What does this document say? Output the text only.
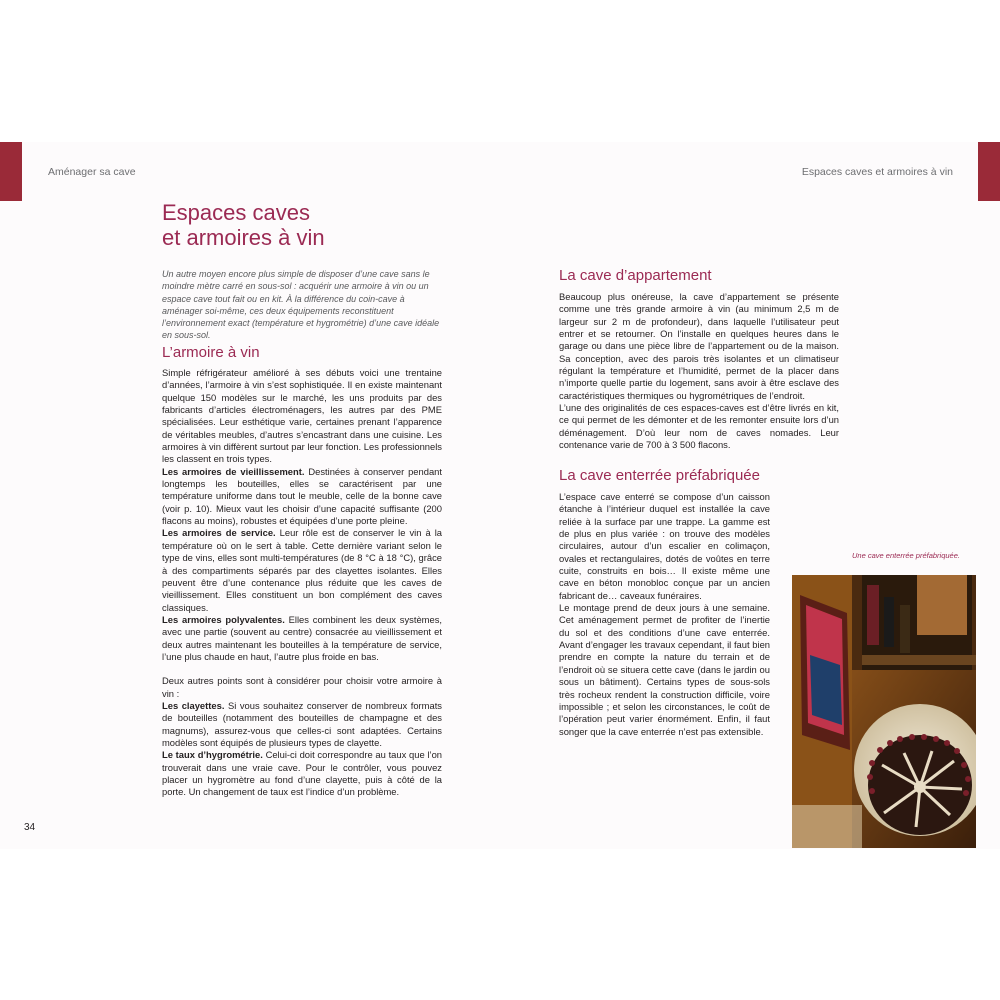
Aménager sa cave	Espaces caves et armoires à vin
Espaces caves
et armoires à vin

Un autre moyen encore plus simple de disposer d’une cave sans le moindre mètre carré en sous-sol : acquérir une armoire à vin ou un espace cave tout fait ou en kit. À la différence du coin-cave à aménager soi-même, ces deux équipements reconstituent l’environnement exact (température et hygrométrie) d’une cave idéale en sous-sol.

L’armoire à vin

Simple réfrigérateur amélioré à ses débuts voici une trentaine d’années, l’armoire à vin s’est sophistiquée. Il en existe maintenant quelque 150 modèles sur le marché, les uns produits par des fabricants d’articles électroménagers, les autres par des PME spécialisées. Leur esthétique varie, certaines prenant l’apparence de véritables meubles, d’autres s’encastrant dans une cuisine. Les armoires à vin diffèrent surtout par leur fonction. Les professionnels les classent en trois types.

Les armoires de vieillissement. Destinées à conserver pendant longtemps les bouteilles, elles se caractérisent par une température uniforme dans tout le meuble, celle de la bonne cave (voir p. 10). Mieux vaut les choisir d’une capacité suffisante (200 flacons au moins), robustes et équipées d’une porte pleine.

Les armoires de service. Leur rôle est de conserver le vin à la température où on le sert à table. Cette dernière variant selon le type de vins, elles sont multi-températures (de 8 °C à 18 °C), grâce à des compartiments séparés par des clayettes isolantes. Elles peuvent être d’une contenance plus réduite que les caves de vieillissement. Elles constituent un bon complément des caves classiques.

Les armoires polyvalentes. Elles combinent les deux systèmes, avec une partie (souvent au centre) consacrée au vieillissement et deux autres maintenant les bouteilles à la température de service, l’une plus chaude en haut, l’autre plus froide en bas.

Deux autres points sont à considérer pour choisir votre armoire à vin :

Les clayettes. Si vous souhaitez conserver de nombreux formats de bouteilles (notamment des bouteilles de champagne et des magnums), assurez-vous que celles-ci sont adaptées. Certains modèles sont équipés de plusieurs types de clayette.

Le taux d’hygrométrie. Celui-ci doit correspondre au taux que l’on trouverait dans une vraie cave. Pour le contrôler, vous pouvez placer un hygromètre au fond d’une clayette, puis à côté de la porte. Un changement de taux est l’indice d’un problème.

34
La cave d’appartement

Beaucoup plus onéreuse, la cave d’appartement se présente comme une très grande armoire à vin (au minimum 2,5 m de largeur sur 2 m de profondeur), dans laquelle l’utilisateur peut entrer et se retourner. On l’installe en quelques heures dans le garage ou dans une pièce libre de l’appartement ou de la maison. Sa conception, avec des parois très isolantes et un climatiseur régulant la température et l’humidité, permet de la placer dans n’importe quelle partie du logement, sans avoir à être esclave des caractéristiques thermiques ou hygrométriques de l’endroit.

L’une des originalités de ces espaces-caves est d’être livrés en kit, ce qui permet de les démonter et de les remonter ensuite lors d’un déménagement. D’où leur nom de caves nomades. Leur contenance varie de 700 à 3 500 flacons.

La cave enterrée préfabriquée

L’espace cave enterré se compose d’un caisson étanche à l’intérieur duquel est installée la cave reliée à la surface par une trappe. La gamme est de plus en plus variée : on trouve des modèles circulaires, autour d’un escalier en colimaçon, ovales et rectangulaires, dotés de voûtes en terre cuite, construits en bois… Il existe même une cave en béton monobloc conçue par un ancien fabricant de… caveaux funéraires.

Le montage prend de deux jours à une semaine. Cet aménagement permet de profiter de l’inertie du sol et des conditions d’une cave enterrée. Avant d’engager les travaux cependant, il faut bien prendre en compte la nature du terrain et de l’endroit où se situera cette cave (dans le jardin ou sous un bâtiment). Certains types de sous-sols très rocheux rendent la construction difficile, voire impossible ; et selon les circonstances, le coût de l’opération peut varier énormément. Enfin, il faut songer que la cave enterrée n’est pas extensible.

Une cave enterrée préfabriquée.
